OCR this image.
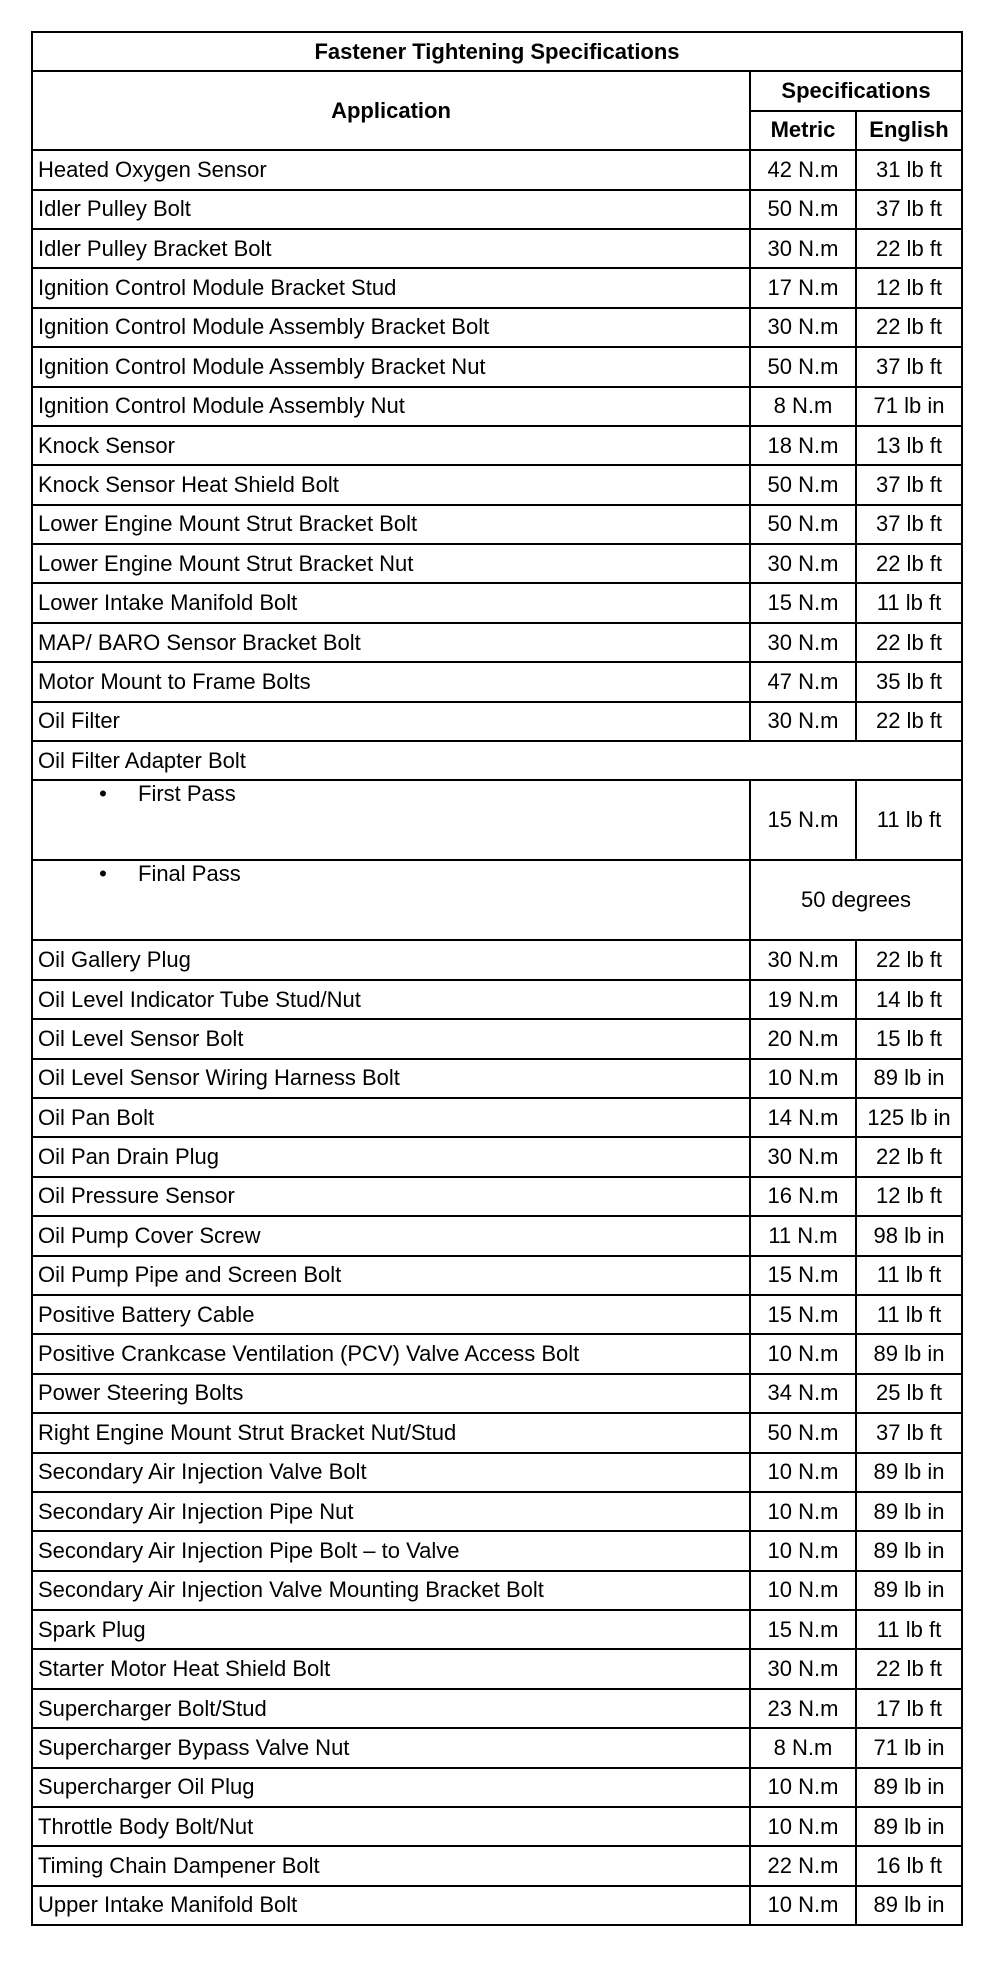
Fastener Tightening Specifications		
Application	Specifications	
	Metric	English
Heated Oxygen Sensor	42 N.m	31 lb ft
Idler Pulley Bolt	50 N.m	37 lb ft
Idler Pulley Bracket Bolt	30 N.m	22 lb ft
Ignition Control Module Bracket Stud	17 N.m	12 lb ft
Ignition Control Module Assembly Bracket Bolt	30 N.m	22 lb ft
Ignition Control Module Assembly Bracket Nut	50 N.m	37 lb ft
Ignition Control Module Assembly Nut	8 N.m	71 lb in
Knock Sensor	18 N.m	13 lb ft
Knock Sensor Heat Shield Bolt	50 N.m	37 lb ft
Lower Engine Mount Strut Bracket Bolt	50 N.m	37 lb ft
Lower Engine Mount Strut Bracket Nut	30 N.m	22 lb ft
Lower Intake Manifold Bolt	15 N.m	11 lb ft
MAP/ BARO Sensor Bracket Bolt	30 N.m	22 lb ft
Motor Mount to Frame Bolts	47 N.m	35 lb ft
Oil Filter	30 N.m	22 lb ft
Oil Filter Adapter Bolt		
• First Pass	15 N.m	11 lb ft
• Final Pass	50 degrees	
Oil Gallery Plug	30 N.m	22 lb ft
Oil Level Indicator Tube Stud/Nut	19 N.m	14 lb ft
Oil Level Sensor Bolt	20 N.m	15 lb ft
Oil Level Sensor Wiring Harness Bolt	10 N.m	89 lb in
Oil Pan Bolt	14 N.m	125 lb in
Oil Pan Drain Plug	30 N.m	22 lb ft
Oil Pressure Sensor	16 N.m	12 lb ft
Oil Pump Cover Screw	11 N.m	98 lb in
Oil Pump Pipe and Screen Bolt	15 N.m	11 lb ft
Positive Battery Cable	15 N.m	11 lb ft
Positive Crankcase Ventilation (PCV) Valve Access Bolt	10 N.m	89 lb in
Power Steering Bolts	34 N.m	25 lb ft
Right Engine Mount Strut Bracket Nut/Stud	50 N.m	37 lb ft
Secondary Air Injection Valve Bolt	10 N.m	89 lb in
Secondary Air Injection Pipe Nut	10 N.m	89 lb in
Secondary Air Injection Pipe Bolt – to Valve	10 N.m	89 lb in
Secondary Air Injection Valve Mounting Bracket Bolt	10 N.m	89 lb in
Spark Plug	15 N.m	11 lb ft
Starter Motor Heat Shield Bolt	30 N.m	22 lb ft
Supercharger Bolt/Stud	23 N.m	17 lb ft
Supercharger Bypass Valve Nut	8 N.m	71 lb in
Supercharger Oil Plug	10 N.m	89 lb in
Throttle Body Bolt/Nut	10 N.m	89 lb in
Timing Chain Dampener Bolt	22 N.m	16 lb ft
Upper Intake Manifold Bolt	10 N.m	89 lb in
